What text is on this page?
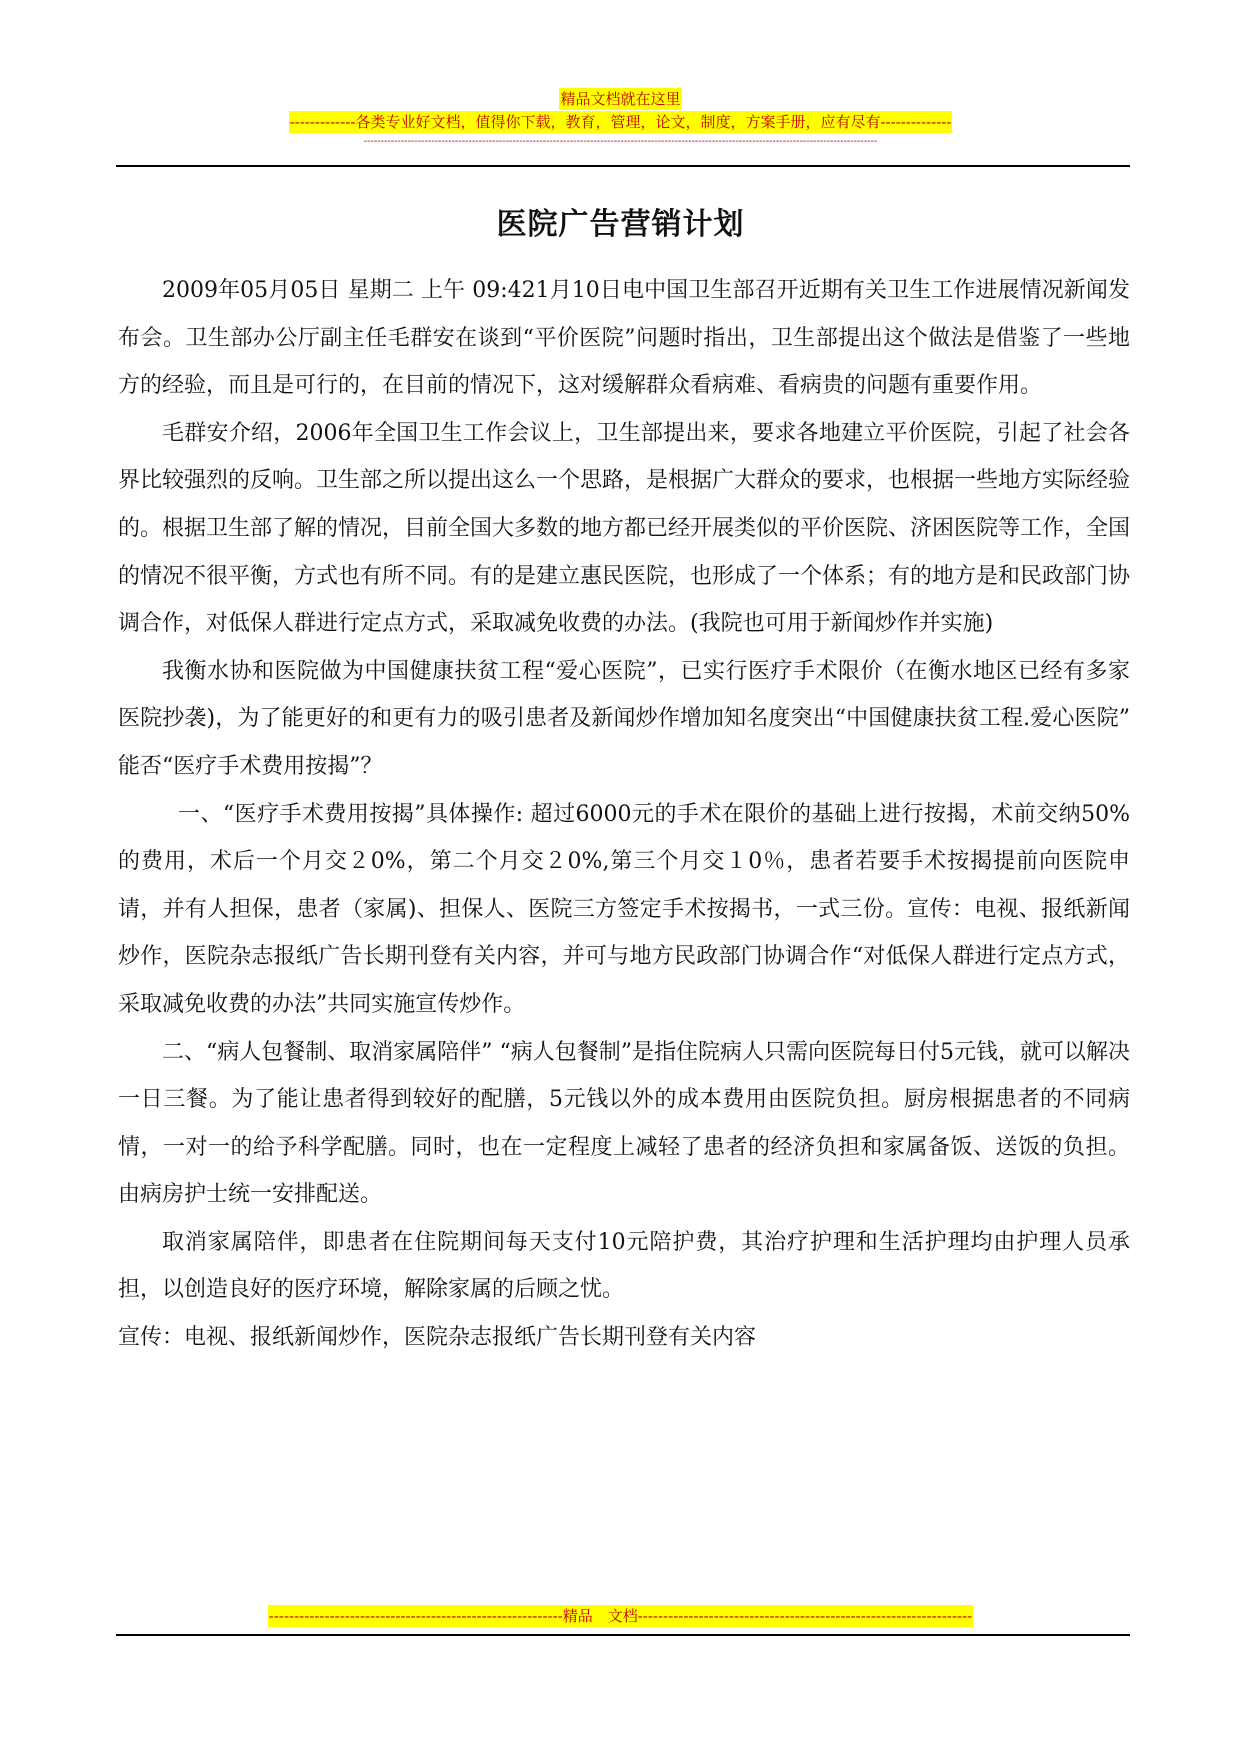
精品文档就在这里
-------------各类专业好文档，值得你下载，教育，管理，论文，制度，方案手册，应有尽有--------------
--------------------------------------------------------------------------------------------------------------------------------------------------------
医院广告营销计划

2009年05月05日 星期二 上午 09:421月10日电中国卫生部召开近期有关卫生工作进展情况新闻发布会。卫生部办公厅副主任毛群安在谈到“平价医院”问题时指出，卫生部提出这个做法是借鉴了一些地方的经验，而且是可行的，在目前的情况下，这对缓解群众看病难、看病贵的问题有重要作用。

毛群安介绍，2006年全国卫生工作会议上，卫生部提出来，要求各地建立平价医院，引起了社会各界比较强烈的反响。卫生部之所以提出这么一个思路，是根据广大群众的要求，也根据一些地方实际经验的。根据卫生部了解的情况，目前全国大多数的地方都已经开展类似的平价医院、济困医院等工作，全国的情况不很平衡，方式也有所不同。有的是建立惠民医院，也形成了一个体系；有的地方是和民政部门协调合作，对低保人群进行定点方式，采取减免收费的办法。(我院也可用于新闻炒作并实施)

我衡水协和医院做为中国健康扶贫工程“爱心医院”，已实行医疗手术限价（在衡水地区已经有多家医院抄袭)，为了能更好的和更有力的吸引患者及新闻炒作增加知名度突出“中国健康扶贫工程.爱心医院” 能否“医疗手术费用按揭”？

一、“医疗手术费用按揭”具体操作: 超过6000元的手术在限价的基础上进行按揭，术前交纳50%的费用，术后一个月交２0%，第二个月交２0%,第三个月交１0％，患者若要手术按揭提前向医院申请，并有人担保，患者（家属)、担保人、医院三方签定手术按揭书，一式三份。宣传：电视、报纸新闻炒作，医院杂志报纸广告长期刊登有关内容，并可与地方民政部门协调合作“对低保人群进行定点方式，采取减免收费的办法”共同实施宣传炒作。

二、“病人包餐制、取消家属陪伴” “病人包餐制”是指住院病人只需向医院每日付5元钱，就可以解决一日三餐。为了能让患者得到较好的配膳，5元钱以外的成本费用由医院负担。厨房根据患者的不同病情，一对一的给予科学配膳。同时，也在一定程度上减轻了患者的经济负担和家属备饭、送饭的负担。 由病房护士统一安排配送。

取消家属陪伴，即患者在住院期间每天支付10元陪护费，其治疗护理和生活护理均由护理人员承担，以创造良好的医疗环境，解除家属的后顾之忧。

宣传：电视、报纸新闻炒作，医院杂志报纸广告长期刊登有关内容

----------------------------------------------------------精品　文档------------------------------------------------------------------
